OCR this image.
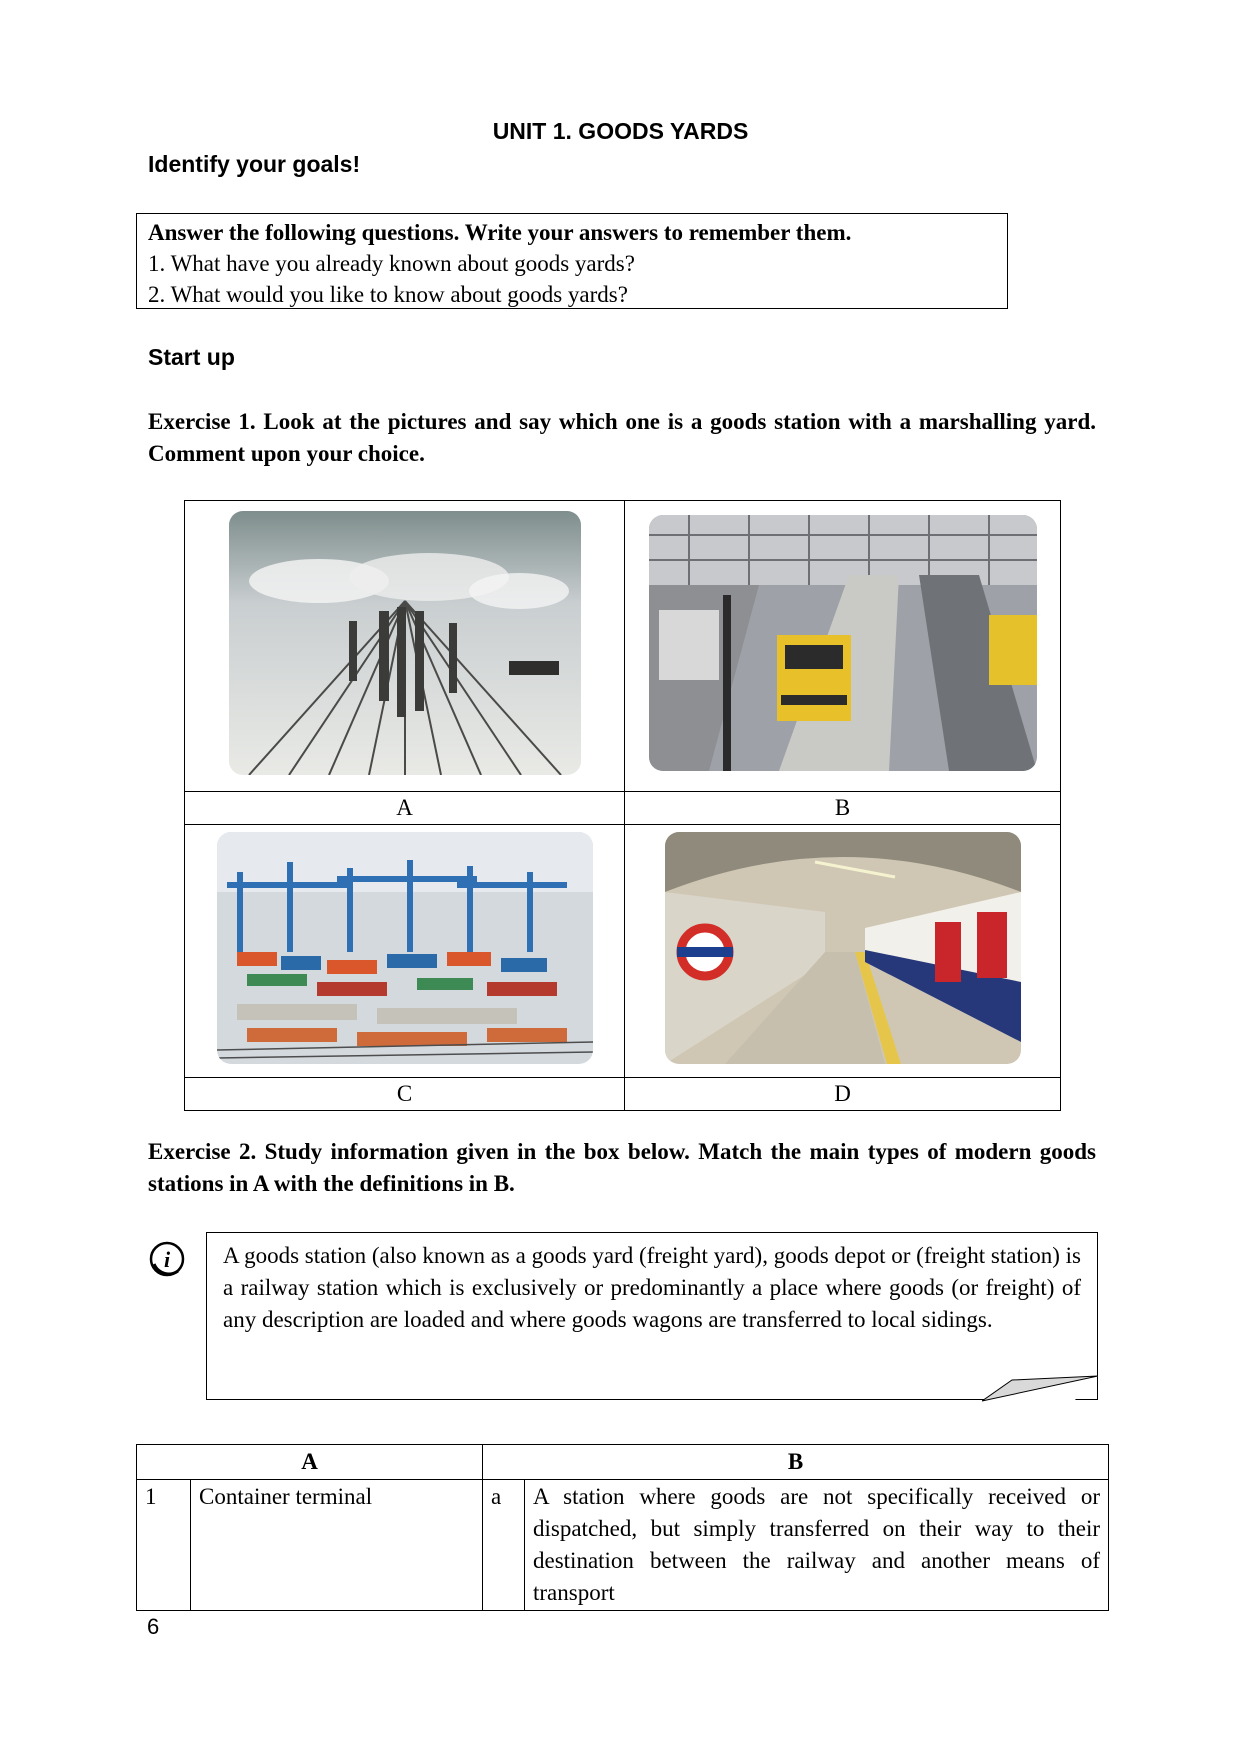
UNIT 1. GOODS YARDS
Identify your goals!
Answer the following questions. Write your answers to remember them.
1. What have you already known about goods yards?
2. What would you like to know about goods yards?
Start up
Exercise 1. Look at the pictures and say which one is a goods station with a marshalling yard. Comment upon your choice.

A	B

C	D
Exercise 2. Study information given in the box below. Match the main types of modern goods stations in A with the definitions in B.
i	A goods station (also known as a goods yard (freight yard), goods depot or (freight station) is a railway station which is exclusively or predominantly a place where goods (or freight) of any description are loaded and where goods wagons are transferred to local sidings.
A		B	
1	Container terminal	a	A station where goods are not specifically received or dispatched, but simply transferred on their way to their destination between the railway and another means of transport
6
